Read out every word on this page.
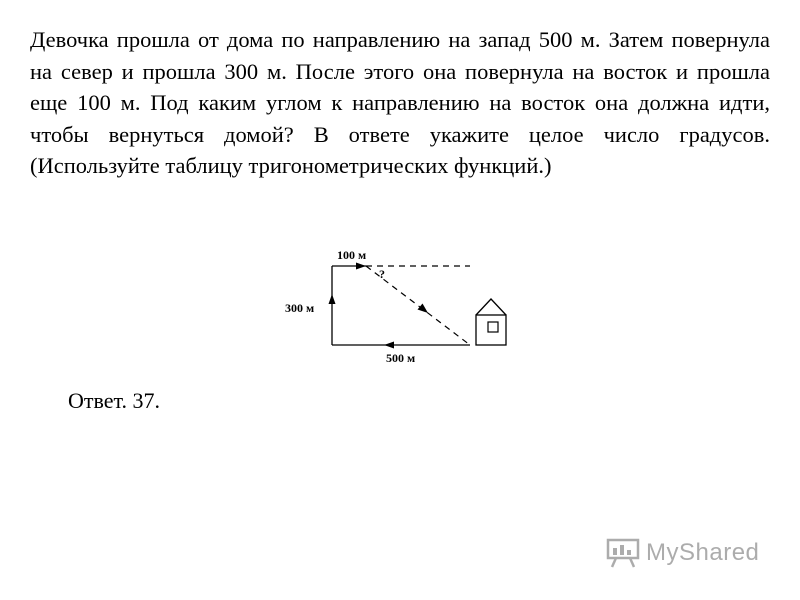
Девочка прошла от дома по направлению на запад 500 м. Затем повернула на север и прошла 300 м. После этого она повернула на восток и прошла еще 100 м. Под каким углом к направлению на восток она должна идти, чтобы вернуться домой? В ответе укажите целое число градусов. (Используйте таблицу тригонометрических функций.)

100 м
300 м
500 м
?

Ответ. 37.

MyShared
